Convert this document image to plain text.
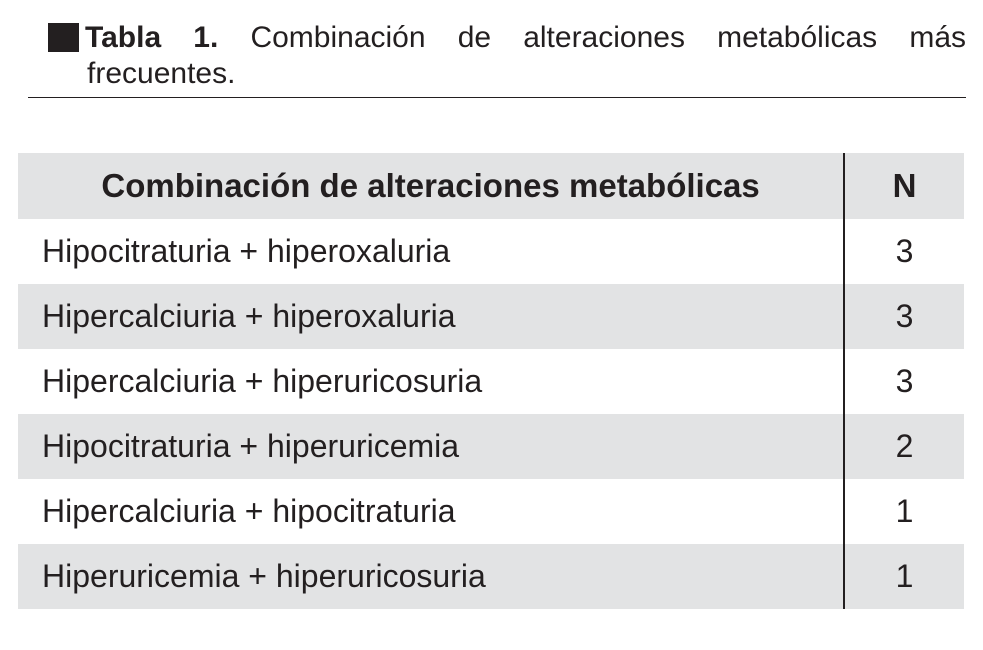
Tabla 1. Combinación de alteraciones metabólicas más
frecuentes.
Combinación de alteraciones metabólicas	N
Hipocitraturia + hiperoxaluria	3
Hipercalciuria + hiperoxaluria	3
Hipercalciuria + hiperuricosuria	3
Hipocitraturia + hiperuricemia	2
Hipercalciuria + hipocitraturia	1
Hiperuricemia + hiperuricosuria	1
